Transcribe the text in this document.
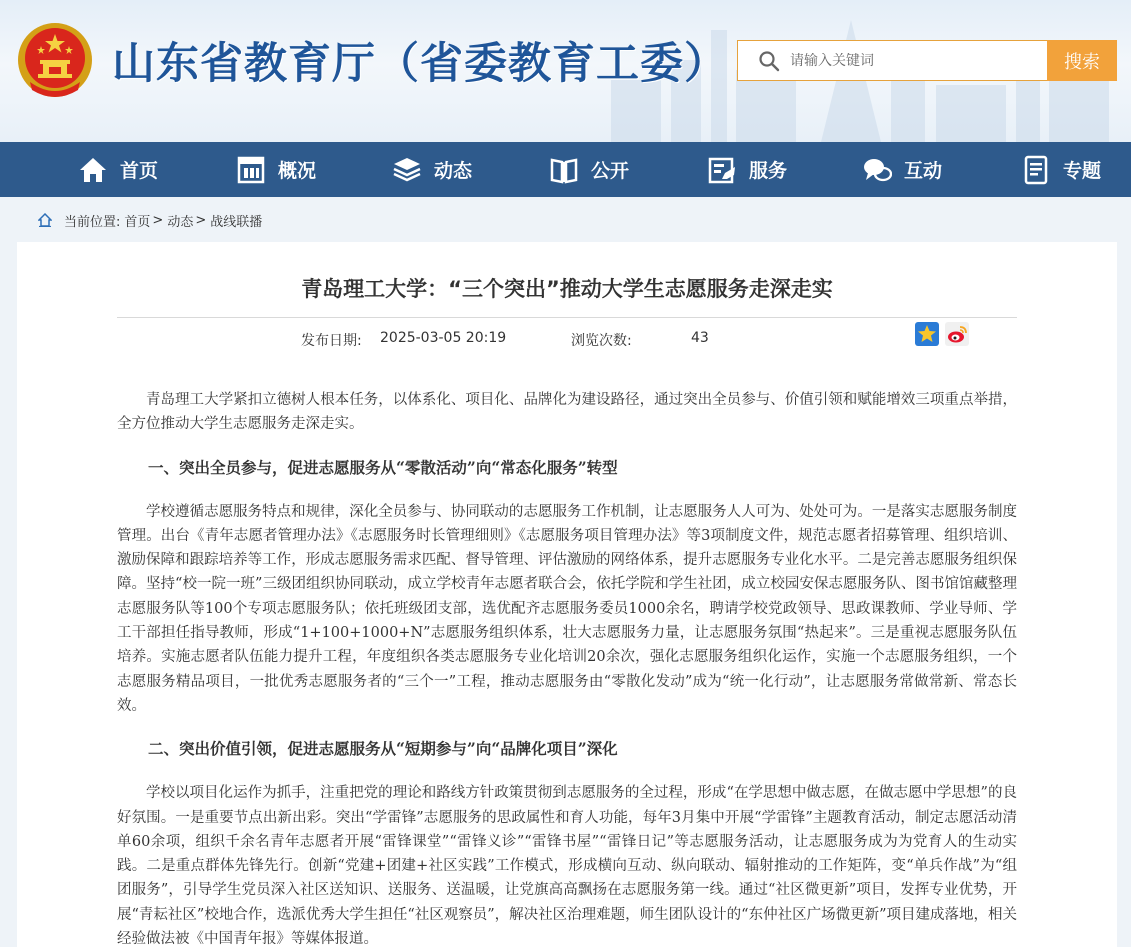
山东省教育厅（省委教育工委）
请输入关键词	搜索
首页	概况	动态	公开	服务	互动	专题
当前位置: 首页 > 动态 > 战线联播
青岛理工大学：“三个突出”推动大学生志愿服务走深走实
发布日期: 2025-03-05 20:19	浏览次数:	43

青岛理工大学紧扣立德树人根本任务，以体系化、项目化、品牌化为建设路径，通过突出全员参与、价值引领和赋能增效三项重点举措，全方位推动大学生志愿服务走深走实。

一、突出全员参与，促进志愿服务从“零散活动”向“常态化服务”转型

学校遵循志愿服务特点和规律，深化全员参与、协同联动的志愿服务工作机制，让志愿服务人人可为、处处可为。一是落实志愿服务制度管理。出台《青年志愿者管理办法》《志愿服务时长管理细则》《志愿服务项目管理办法》等3项制度文件，规范志愿者招募管理、组织培训、激励保障和跟踪培养等工作，形成志愿服务需求匹配、督导管理、评估激励的网络体系，提升志愿服务专业化水平。二是完善志愿服务组织保障。坚持“校一院一班”三级团组织协同联动，成立学校青年志愿者联合会，依托学院和学生社团，成立校园安保志愿服务队、图书馆馆藏整理志愿服务队等100个专项志愿服务队；依托班级团支部，选优配齐志愿服务委员1000余名，聘请学校党政领导、思政课教师、学业导师、学工干部担任指导教师，形成“1+100+1000+N”志愿服务组织体系，壮大志愿服务力量，让志愿服务氛围“热起来”。三是重视志愿服务队伍培养。实施志愿者队伍能力提升工程，年度组织各类志愿服务专业化培训20余次，强化志愿服务组织化运作，实施一个志愿服务组织，一个志愿服务精品项目，一批优秀志愿服务者的“三个一”工程，推动志愿服务由“零散化发动”成为“统一化行动”，让志愿服务常做常新、常态长效。

二、突出价值引领，促进志愿服务从“短期参与”向“品牌化项目”深化

学校以项目化运作为抓手，注重把党的理论和路线方针政策贯彻到志愿服务的全过程，形成“在学思想中做志愿，在做志愿中学思想”的良好氛围。一是重要节点出新出彩。突出“学雷锋”志愿服务的思政属性和育人功能，每年3月集中开展“学雷锋”主题教育活动，制定志愿活动清单60余项，组织千余名青年志愿者开展“雷锋课堂”“雷锋义诊”“雷锋书屋”“雷锋日记”等志愿服务活动，让志愿服务成为为党育人的生动实践。二是重点群体先锋先行。创新“党建+团建+社区实践”工作模式，形成横向互动、纵向联动、辐射推动的工作矩阵，变“单兵作战”为“组团服务”，引导学生党员深入社区送知识、送服务、送温暖，让党旗高高飘扬在志愿服务第一线。通过“社区微更新”项目，发挥专业优势，开展“青耘社区”校地合作，选派优秀大学生担任“社区观察员”，解决社区治理难题，师生团队设计的“东仲社区广场微更新”项目建成落地，相关经验做法被《中国青年报》等媒体报道。
